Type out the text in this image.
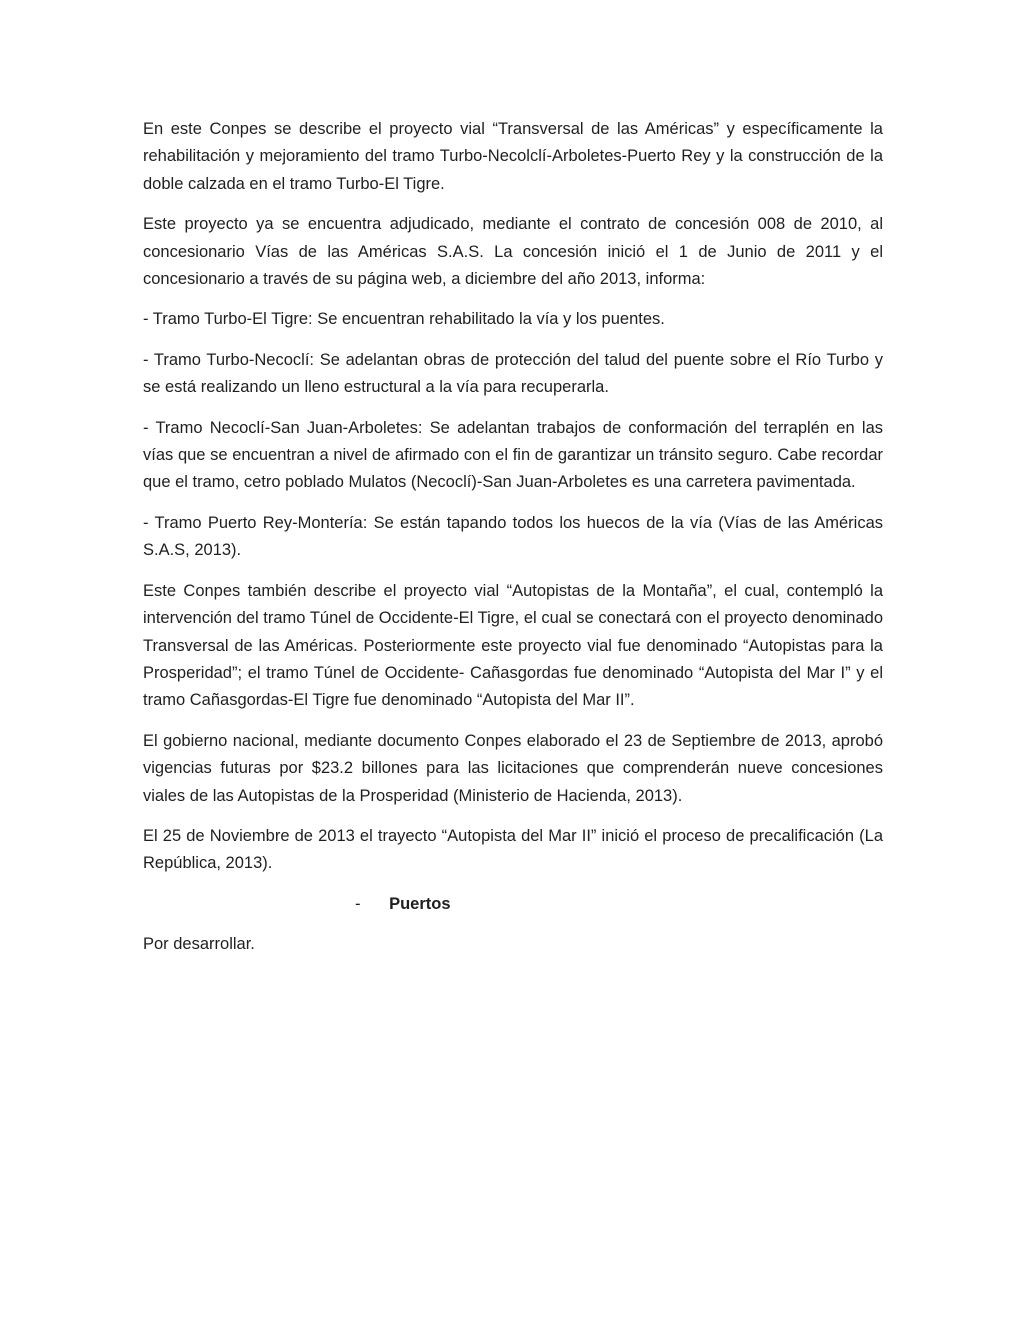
En este Conpes se describe el proyecto vial “Transversal de las Américas” y específicamente la rehabilitación y mejoramiento del tramo Turbo-Necolclí-Arboletes-Puerto Rey y la construcción de la doble calzada en el tramo Turbo-El Tigre.

Este proyecto ya se encuentra adjudicado, mediante el contrato de concesión 008 de 2010, al concesionario Vías de las Américas S.A.S. La concesión inició el 1 de Junio de 2011 y el concesionario a través de su página web, a diciembre del año 2013, informa:

- Tramo Turbo-El Tigre: Se encuentran rehabilitado la vía y los puentes.

- Tramo Turbo-Necoclí: Se adelantan obras de protección del talud del puente sobre el Río Turbo y se está realizando un lleno estructural a la vía para recuperarla.

- Tramo Necoclí-San Juan-Arboletes: Se adelantan trabajos de conformación del terraplén en las vías que se encuentran a nivel de afirmado con el fin de garantizar un tránsito seguro. Cabe recordar que el tramo, cetro poblado Mulatos (Necoclí)-San Juan-Arboletes es una carretera pavimentada.

- Tramo Puerto Rey-Montería: Se están tapando todos los huecos de la vía (Vías de las Américas S.A.S, 2013).

Este Conpes también describe el proyecto vial “Autopistas de la Montaña”, el cual, contempló la intervención del tramo Túnel de Occidente-El Tigre, el cual se conectará con el proyecto denominado Transversal de las Américas. Posteriormente este proyecto vial fue denominado “Autopistas para la Prosperidad”; el tramo Túnel de Occidente- Cañasgordas fue denominado “Autopista del Mar I” y el tramo Cañasgordas-El Tigre fue denominado “Autopista del Mar II”.

El gobierno nacional, mediante documento Conpes elaborado el 23 de Septiembre de 2013, aprobó vigencias futuras por $23.2 billones para las licitaciones que comprenderán nueve concesiones viales de las Autopistas de la Prosperidad (Ministerio de Hacienda, 2013).

El 25 de Noviembre de 2013 el trayecto “Autopista del Mar II” inició el proceso de precalificación (La República, 2013).

- Puertos

Por desarrollar.
